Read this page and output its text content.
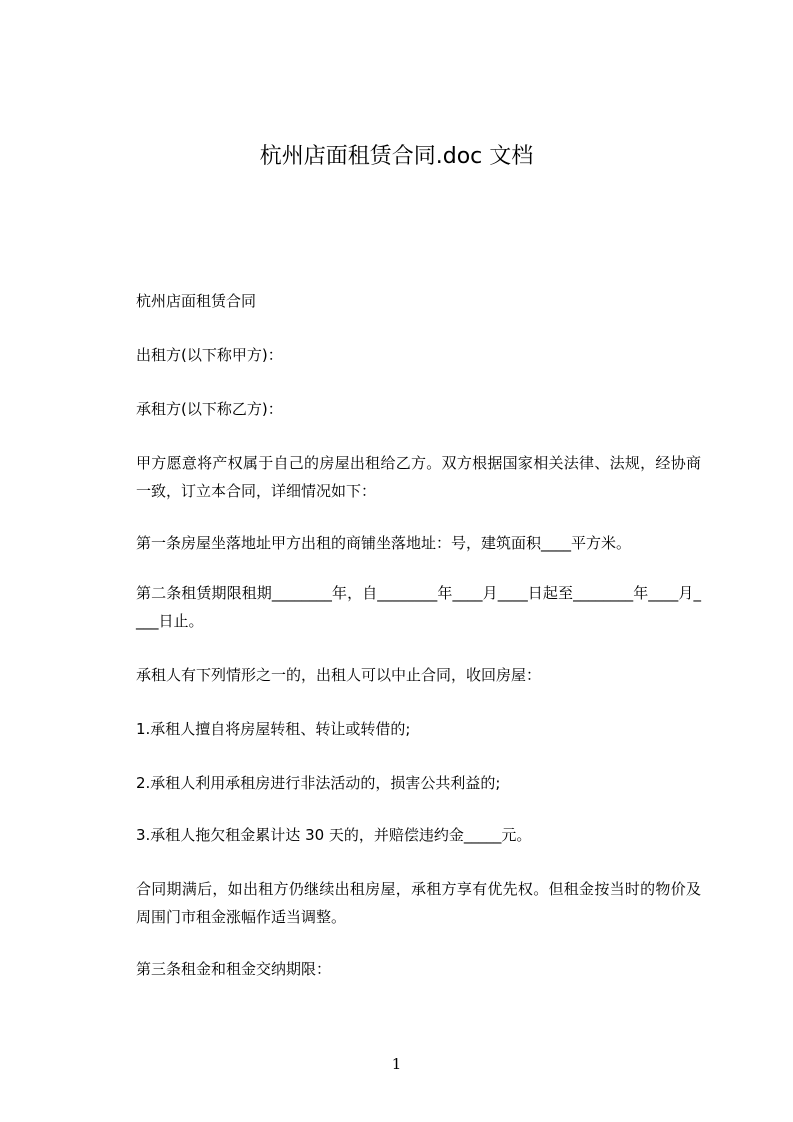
杭州店面租赁合同.doc 文档

杭州店面租赁合同

出租方(以下称甲方)：

承租方(以下称乙方)：

甲方愿意将产权属于自己的房屋出租给乙方。双方根据国家相关法律、法规，经协商一致，订立本合同，详细情况如下：

第一条房屋坐落地址甲方出租的商铺坐落地址：号，建筑面积____平方米。

第二条租赁期限租期________年，自________年____月____日起至________年____月____日止。

承租人有下列情形之一的，出租人可以中止合同，收回房屋：

1.承租人擅自将房屋转租、转让或转借的;

2.承租人利用承租房进行非法活动的，损害公共利益的;

3.承租人拖欠租金累计达 30 天的，并赔偿违约金_____元。

合同期满后，如出租方仍继续出租房屋，承租方享有优先权。但租金按当时的物价及周围门市租金涨幅作适当调整。

第三条租金和租金交纳期限：

1
